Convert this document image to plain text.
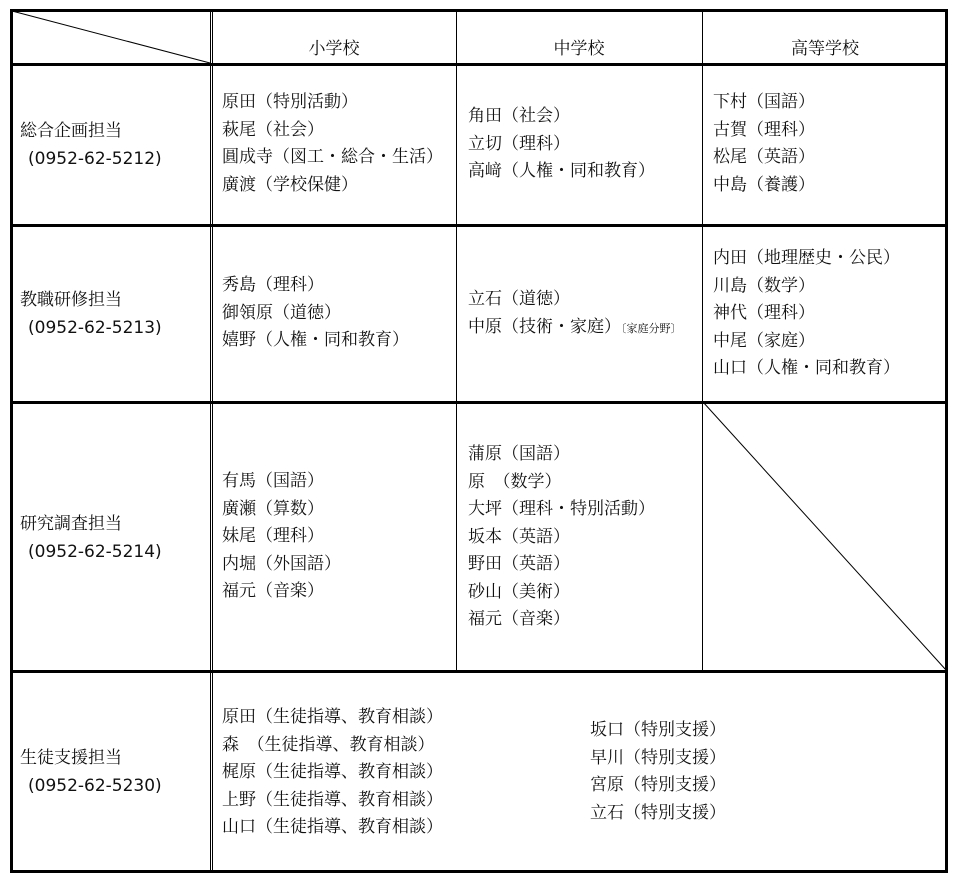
小学校	中学校	高等学校
総合企画担当
(0952-62-5212)
原田（特別活動）
萩尾（社会）
圓成寺（図工・総合・生活）
廣渡（学校保健）
角田（社会）
立切（理科）
高﨑（人権・同和教育）
下村（国語）
古賀（理科）
松尾（英語）
中島（養護）
教職研修担当
(0952-62-5213)
秀島（理科）
御領原（道徳）
嬉野（人権・同和教育）
立石（道徳）
中原（技術・家庭）〔家庭分野〕
内田（地理歴史・公民）
川島（数学）
神代（理科）
中尾（家庭）
山口（人権・同和教育）
研究調査担当
(0952-62-5214)
有馬（国語）
廣瀬（算数）
妹尾（理科）
内堀（外国語）
福元（音楽）
蒲原（国語）
原　（数学）
大坪（理科・特別活動）
坂本（英語）
野田（英語）
砂山（美術）
福元（音楽）
生徒支援担当
(0952-62-5230)
原田（生徒指導、教育相談）
森　（生徒指導、教育相談）
梶原（生徒指導、教育相談）
上野（生徒指導、教育相談）
山口（生徒指導、教育相談）
坂口（特別支援）
早川（特別支援）
宮原（特別支援）
立石（特別支援）
